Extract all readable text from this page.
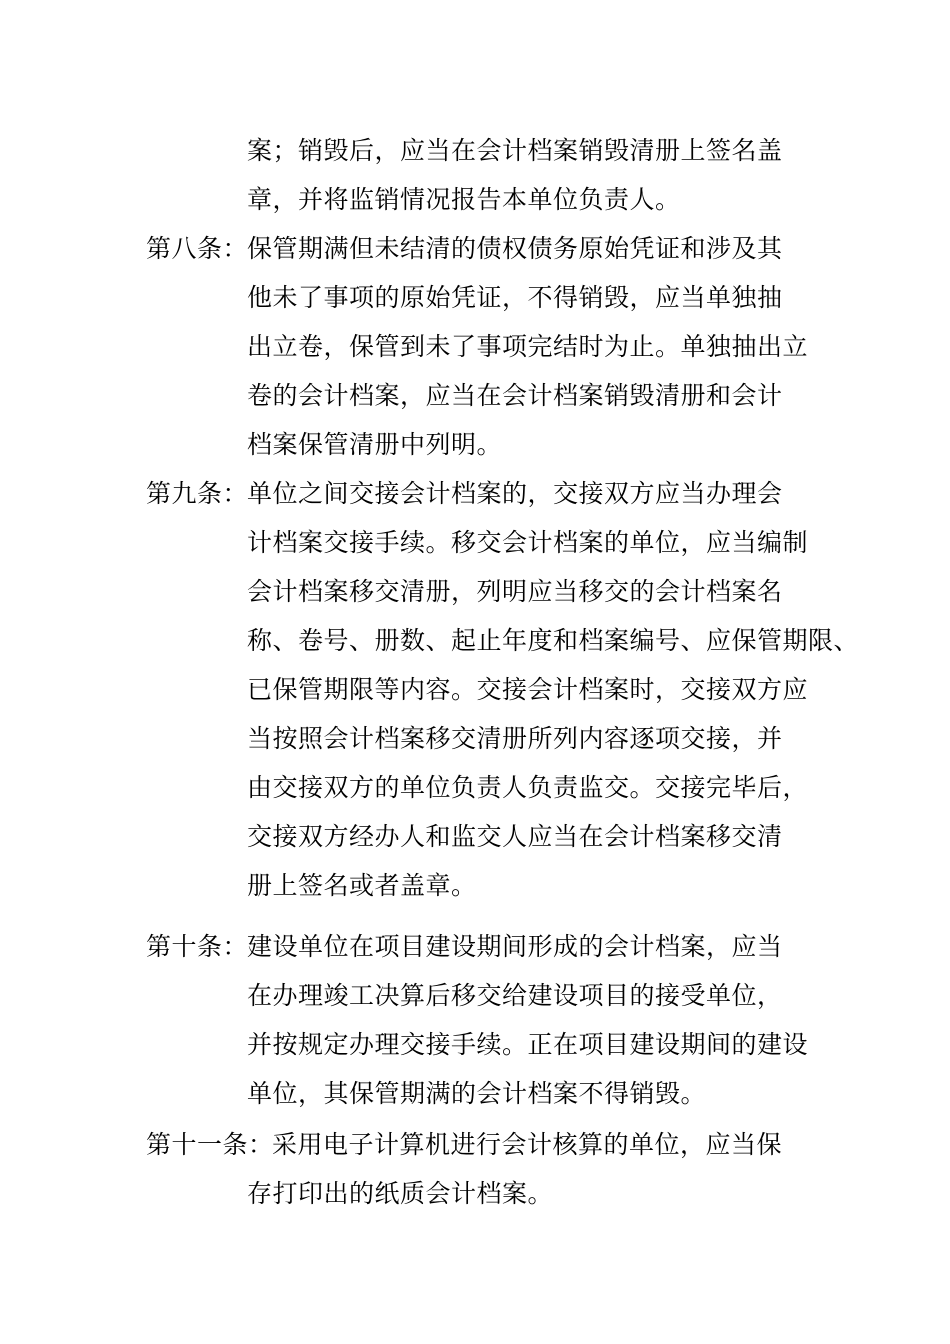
案；销毁后，应当在会计档案销毁清册上签名盖
章，并将监销情况报告本单位负责人。
第八条：
保管期满但未结清的债权债务原始凭证和涉及其
他未了事项的原始凭证，不得销毁，应当单独抽
出立卷，保管到未了事项完结时为止。单独抽出立
卷的会计档案，应当在会计档案销毁清册和会计
档案保管清册中列明。
第九条：
单位之间交接会计档案的，交接双方应当办理会
计档案交接手续。移交会计档案的单位，应当编制
会计档案移交清册，列明应当移交的会计档案名
称、卷号、册数、起止年度和档案编号、应保管期限、
已保管期限等内容。交接会计档案时，交接双方应
当按照会计档案移交清册所列内容逐项交接，并
由交接双方的单位负责人负责监交。交接完毕后，
交接双方经办人和监交人应当在会计档案移交清
册上签名或者盖章。
第十条：
建设单位在项目建设期间形成的会计档案，应当
在办理竣工决算后移交给建设项目的接受单位，
并按规定办理交接手续。正在项目建设期间的建设
单位，其保管期满的会计档案不得销毁。
第十一条：
采用电子计算机进行会计核算的单位，应当保
存打印出的纸质会计档案。
